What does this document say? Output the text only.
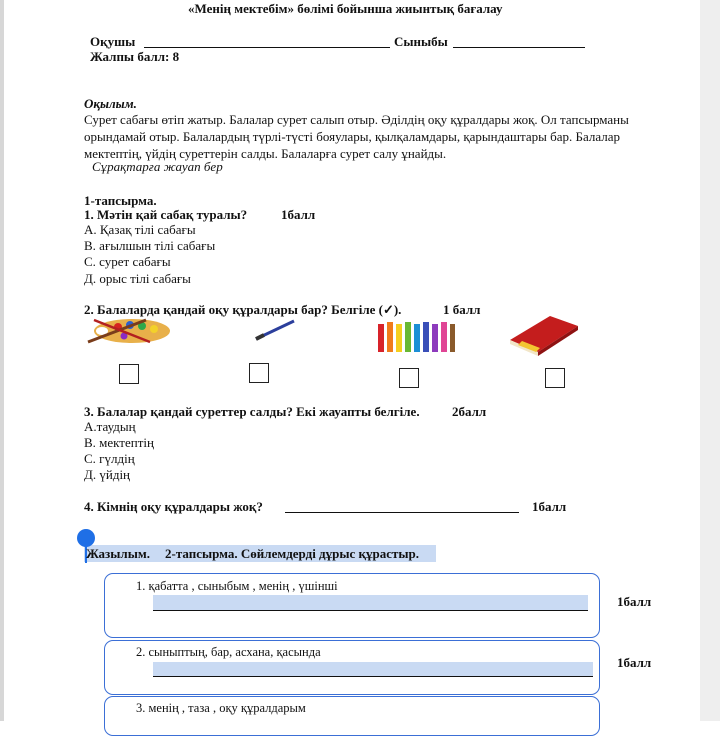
«Менің мектебім» бөлімі бойынша жиынтық бағалау
Оқушы	Сыныбы
Жалпы балл: 8
Оқылым.
Сурет сабағы өтіп жатыр. Балалар сурет салып отыр. Әділдің оқу құралдары жоқ. Ол тапсырманы орындамай отыр. Балалардың түрлі-түсті бояулары, қылқаламдары, қарындаштары бар. Балалар мектептің, үйдің суреттерін салды. Балаларға сурет салу ұнайды.
Сұрақтарға жауап бер
1-тапсырма.
1. Мәтін қай сабақ туралы?	1балл
А. Қазақ тілі сабағы
В. ағылшын тілі сабағы
С. сурет сабағы
Д. орыс тілі сабағы
2. Балаларда қандай оқу құралдары бар? Белгіле (✓).	1 балл
3. Балалар қандай суреттер салды? Екі жауапты белгіле. 2балл
А.таудың
В. мектептің
С. гүлдің
Д. үйдің
4. Кімнің оқу құралдары жоқ?	1балл
Жазылым. 2-тапсырма. Сөйлемдерді дұрыс құрастыр.
1. қабатта , сыныбым , менің , үшінші
1балл
2. сыныптың, бар, асхана, қасында
1балл
3. менің , таза , оқу құралдарым
